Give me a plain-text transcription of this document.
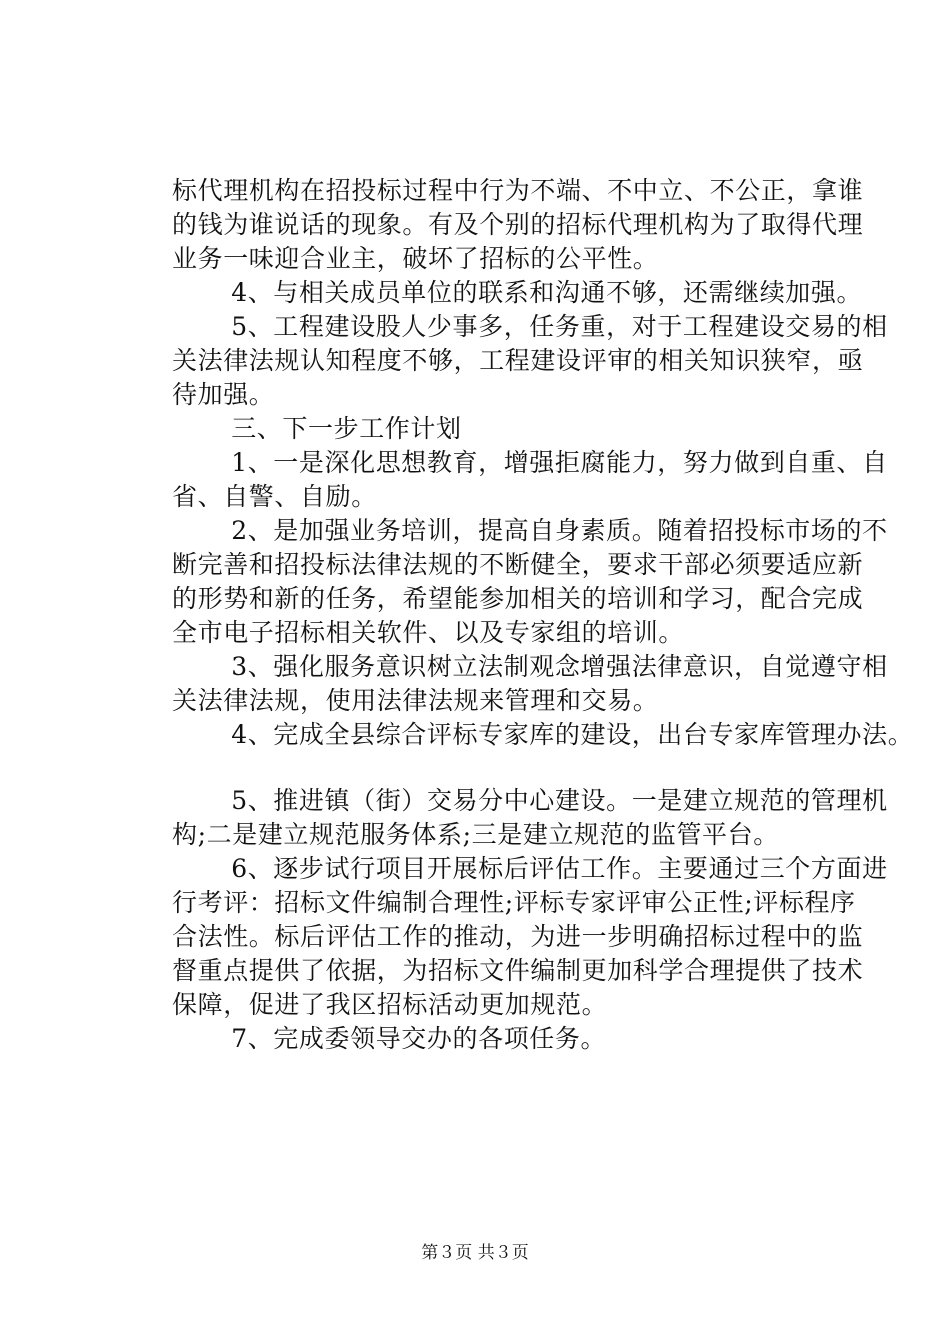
标代理机构在招投标过程中行为不端、不中立、不公正，拿谁
的钱为谁说话的现象。有及个别的招标代理机构为了取得代理
业务一味迎合业主，破坏了招标的公平性。
　　4、与相关成员单位的联系和沟通不够，还需继续加强。
　　5、工程建设股人少事多，任务重，对于工程建设交易的相
关法律法规认知程度不够，工程建设评审的相关知识狭窄，亟
待加强。
　　三、下一步工作计划
　　1、一是深化思想教育，增强拒腐能力，努力做到自重、自
省、自警、自励。
　　2、是加强业务培训，提高自身素质。随着招投标市场的不
断完善和招投标法律法规的不断健全，要求干部必须要适应新
的形势和新的任务，希望能参加相关的培训和学习，配合完成
全市电子招标相关软件、以及专家组的培训。
　　3、强化服务意识树立法制观念增强法律意识，自觉遵守相
关法律法规，使用法律法规来管理和交易。
　　4、完成全县综合评标专家库的建设，出台专家库管理办法。
　　5、推进镇（街）交易分中心建设。一是建立规范的管理机
构;二是建立规范服务体系;三是建立规范的监管平台。
　　6、逐步试行项目开展标后评估工作。主要通过三个方面进
行考评：招标文件编制合理性;评标专家评审公正性;评标程序
合法性。标后评估工作的推动，为进一步明确招标过程中的监
督重点提供了依据，为招标文件编制更加科学合理提供了技术
保障，促进了我区招标活动更加规范。
　　7、完成委领导交办的各项任务。
第３页 共３页
